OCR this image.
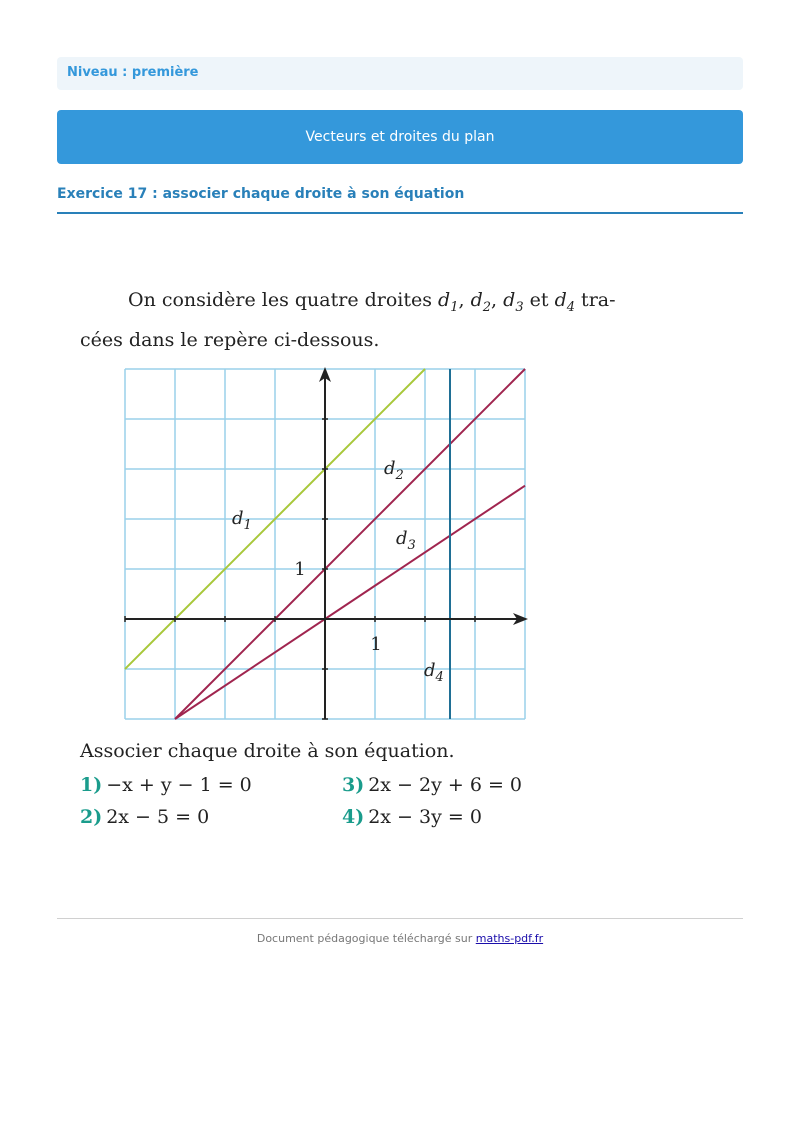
Niveau : première
Vecteurs et droites du plan
Exercice 17 : associer chaque droite à son équation
On considère les quatre droites $d_1$, $d_2$, $d_3$ et $d_4$ tra-
cées dans le repère ci-dessous.
1
1
$d_1$
$d_2$
$d_3$
$d_4$
Associer chaque droite à son équation.
1) −x + y − 1 = 0
2) 2x − 5 = 0
3) 2x − 2y + 6 = 0
4) 2x − 3y = 0
Document pédagogique téléchargé sur maths-pdf.fr
